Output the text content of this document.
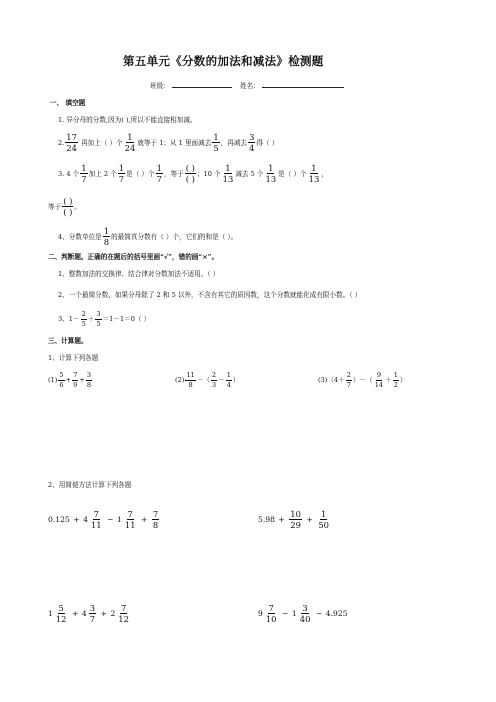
第五单元《分数的加法和减法》检测题
班级：	姓名：
一、 填空题
1. 异分母的分数,因为( ),所以不能直接相加减。
2. $\frac{17}{24}$ 再加上（ ）个 $\frac{1}{24}$ 就等于 1；从 1 里面减去 $\frac{1}{5}$ ，再减去 $\frac{3}{4}$ 得（ ）
3. 4 个 $\frac{1}{7}$ 加上 2 个 $\frac{1}{7}$ 是（ ）个 $\frac{1}{7}$ ，等于 $\frac{( )}{( )}$ ；10 个 $\frac{1}{13}$ 减去 5 个 $\frac{1}{13}$ 是（ ）个 $\frac{1}{13}$ ，
等于 $\frac{( )}{( )}$ 。
4、分数单位是 $\frac{1}{8}$ 的最简真分数有（ ）个，它们的和是（ ）。
二、判断题。正确的在题后的括号里画“√”，错的画“×”。
1、整数加法的交换律、结合律对分数加法不适用。（ ）
2、一个最简分数，如果分母除了 2 和 5 以外，不含有其它的质因数，这个分数就能化成有限小数。（ ）
3、$1- \frac{2}{5} + \frac{3}{5} =1-1=0$（ ）
三、计算题。
1、计算下列各题
$(1) \frac{5}{6} + \frac{7}{9} + \frac{3}{8}$	$(2) \frac{11}{8}$ －（ $\frac{2}{3} - \frac{1}{4}$ ）	$(3)(4+ \frac{2}{7}$ ）－（ $\frac{9}{14} + \frac{1}{2}$ ）
2、用简便方法计算下列各题
$0.125 + 4 \frac{7}{11} - 1 \frac{7}{11} + \frac{7}{8}$	$5.98 + \frac{10}{29} + \frac{1}{50}$
$1 \frac{5}{12} + 4 \frac{3}{7} + 2 \frac{7}{12}$	$9 \frac{7}{10} - 1 \frac{3}{40} - 4.925$
